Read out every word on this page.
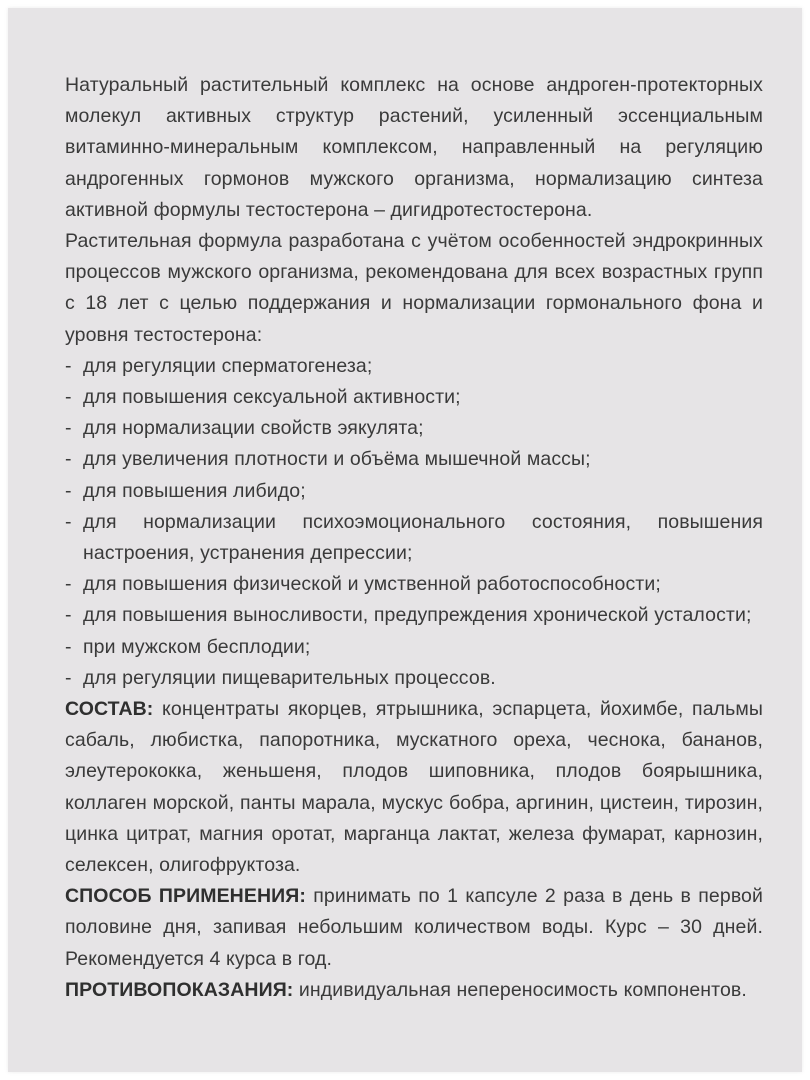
Натуральный растительный комплекс на основе андроген-протекторных молекул активных структур растений, усиленный эссенциальным витаминно-минеральным комплексом, направленный на регуляцию андрогенных гормонов мужского организма, нормализацию синтеза активной формулы тестостерона – дигидротестостерона.

Растительная формула разработана с учётом особенностей эндрокринных процессов мужского организма, рекомендована для всех возрастных групп с 18 лет с целью поддержания и нормализации гормонального фона и уровня тестостерона:

- для регуляции сперматогенеза;
- для повышения сексуальной активности;
- для нормализации свойств эякулята;
- для увеличения плотности и объёма мышечной массы;
- для повышения либидо;
- для нормализации психоэмоционального состояния, повышения настроения, устранения депрессии;
- для повышения физической и умственной работоспособности;
- для повышения выносливости, предупреждения хронической усталости;
- при мужском бесплодии;
- для регуляции пищеварительных процессов.

СОСТАВ: концентраты якорцев, ятрышника, эспарцета, йохимбе, пальмы сабаль, любистка, папоротника, мускатного ореха, чеснока, бананов, элеутерококка, женьшеня, плодов шиповника, плодов боярышника, коллаген морской, панты марала, мускус бобра, аргинин, цистеин, тирозин, цинка цитрат, магния оротат, марганца лактат, железа фумарат, карнозин, селексен, олигофруктоза.

СПОСОБ ПРИМЕНЕНИЯ: принимать по 1 капсуле 2 раза в день в первой половине дня, запивая небольшим количеством воды. Курс – 30 дней. Рекомендуется 4 курса в год.

ПРОТИВОПОКАЗАНИЯ: индивидуальная непереносимость компонентов.
